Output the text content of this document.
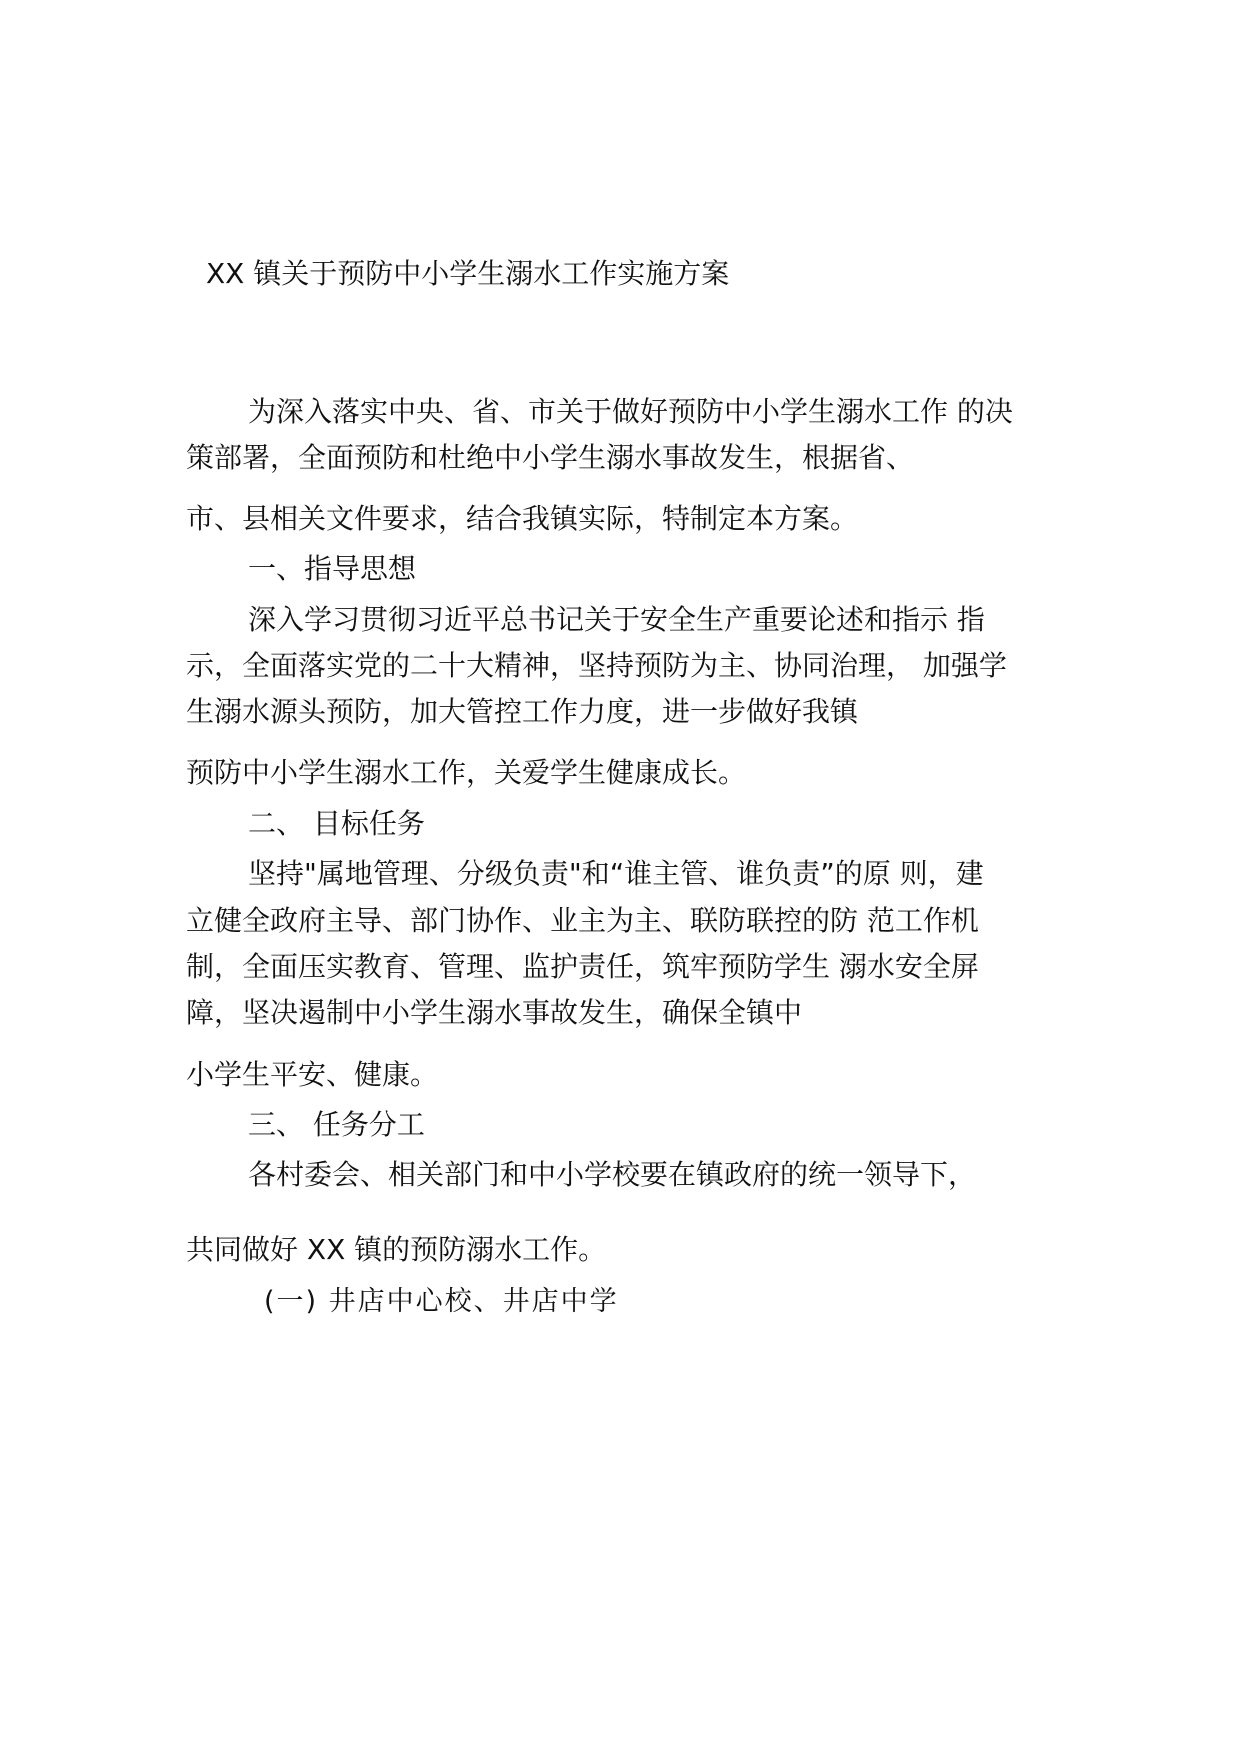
XX 镇关于预防中小学生溺水工作实施方案
为深入落实中央、省、市关于做好预防中小学生溺水工作 的决
策部署，全面预防和杜绝中小学生溺水事故发生，根据省、
市、县相关文件要求，结合我镇实际，特制定本方案。
一、指导思想
深入学习贯彻习近平总书记关于安全生产重要论述和指示 指
示，全面落实党的二十大精神，坚持预防为主、协同治理， 加强学
生溺水源头预防，加大管控工作力度，进一步做好我镇
预防中小学生溺水工作，关爱学生健康成长。
二、 目标任务
坚持"属地管理、分级负责"和“谁主管、谁负责”的原 则，建
立健全政府主导、部门协作、业主为主、联防联控的防 范工作机
制，全面压实教育、管理、监护责任，筑牢预防学生 溺水安全屏
障，坚决遏制中小学生溺水事故发生，确保全镇中
小学生平安、健康。
三、 任务分工
各村委会、相关部门和中小学校要在镇政府的统一领导下，
共同做好 XX 镇的预防溺水工作。
(一) 井店中心校、井店中学
